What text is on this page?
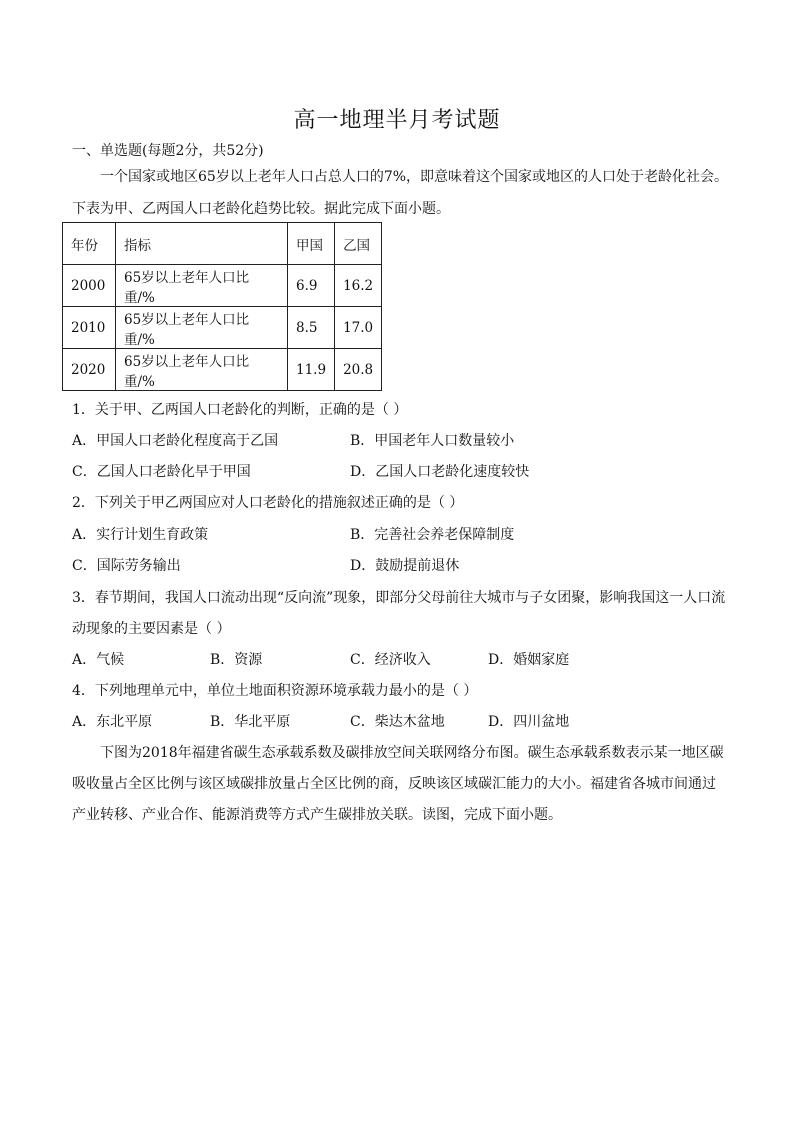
高一地理半月考试题
一、单选题(每题2分，共52分)
一个国家或地区65岁以上老年人口占总人口的7%，即意味着这个国家或地区的人口处于老龄化社会。
下表为甲、乙两国人口老龄化趋势比较。据此完成下面小题。
年份	指标	甲国	乙国
2000	65岁以上老年人口比重/%	6.9	16.2
2010	65岁以上老年人口比重/%	8.5	17.0
2020	65岁以上老年人口比重/%	11.9	20.8
1．关于甲、乙两国人口老龄化的判断，正确的是（ ）
A．甲国人口老龄化程度高于乙国	B．甲国老年人口数量较小
C．乙国人口老龄化早于甲国	D．乙国人口老龄化速度较快
2．下列关于甲乙两国应对人口老龄化的措施叙述正确的是（ ）
A．实行计划生育政策	B．完善社会养老保障制度
C．国际劳务输出	D．鼓励提前退休
3．春节期间，我国人口流动出现“反向流”现象，即部分父母前往大城市与子女团聚，影响我国这一人口流
动现象的主要因素是（ ）
A．气候	B．资源	C．经济收入	D．婚姻家庭
4．下列地理单元中，单位土地面积资源环境承载力最小的是（ ）
A．东北平原	B．华北平原	C．柴达木盆地	D．四川盆地
下图为2018年福建省碳生态承载系数及碳排放空间关联网络分布图。碳生态承载系数表示某一地区碳
吸收量占全区比例与该区域碳排放量占全区比例的商，反映该区域碳汇能力的大小。福建省各城市间通过
产业转移、产业合作、能源消费等方式产生碳排放关联。读图，完成下面小题。
